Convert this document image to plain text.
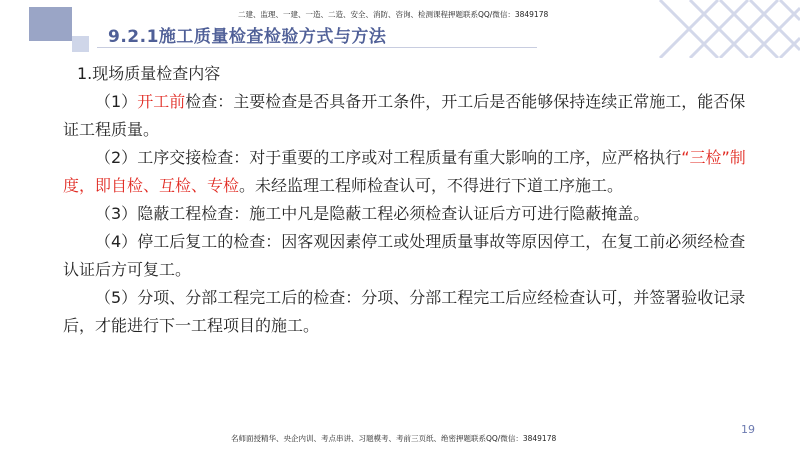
二建、监理、一建、一造、二造、安全、消防、咨询、检测课程押题联系QQ/微信：3849178
9.2.1施工质量检查检验方式与方法

1.现场质量检查内容

（1）开工前检查：主要检查是否具备开工条件，开工后是否能够保持连续正常施工，能否保证工程质量。

（2）工序交接检查：对于重要的工序或对工程质量有重大影响的工序，应严格执行“三检”制度，即自检、互检、专检。未经监理工程师检查认可，不得进行下道工序施工。

（3）隐蔽工程检查：施工中凡是隐蔽工程必须检查认证后方可进行隐蔽掩盖。

（4）停工后复工的检查：因客观因素停工或处理质量事故等原因停工，在复工前必须经检查认证后方可复工。

（5）分项、分部工程完工后的检查：分项、分部工程完工后应经检查认可，并签署验收记录后，才能进行下一工程项目的施工。

19
名师面授精华、央企内训、考点串讲、习题模考、考前三页纸、绝密押题联系QQ/微信：3849178
